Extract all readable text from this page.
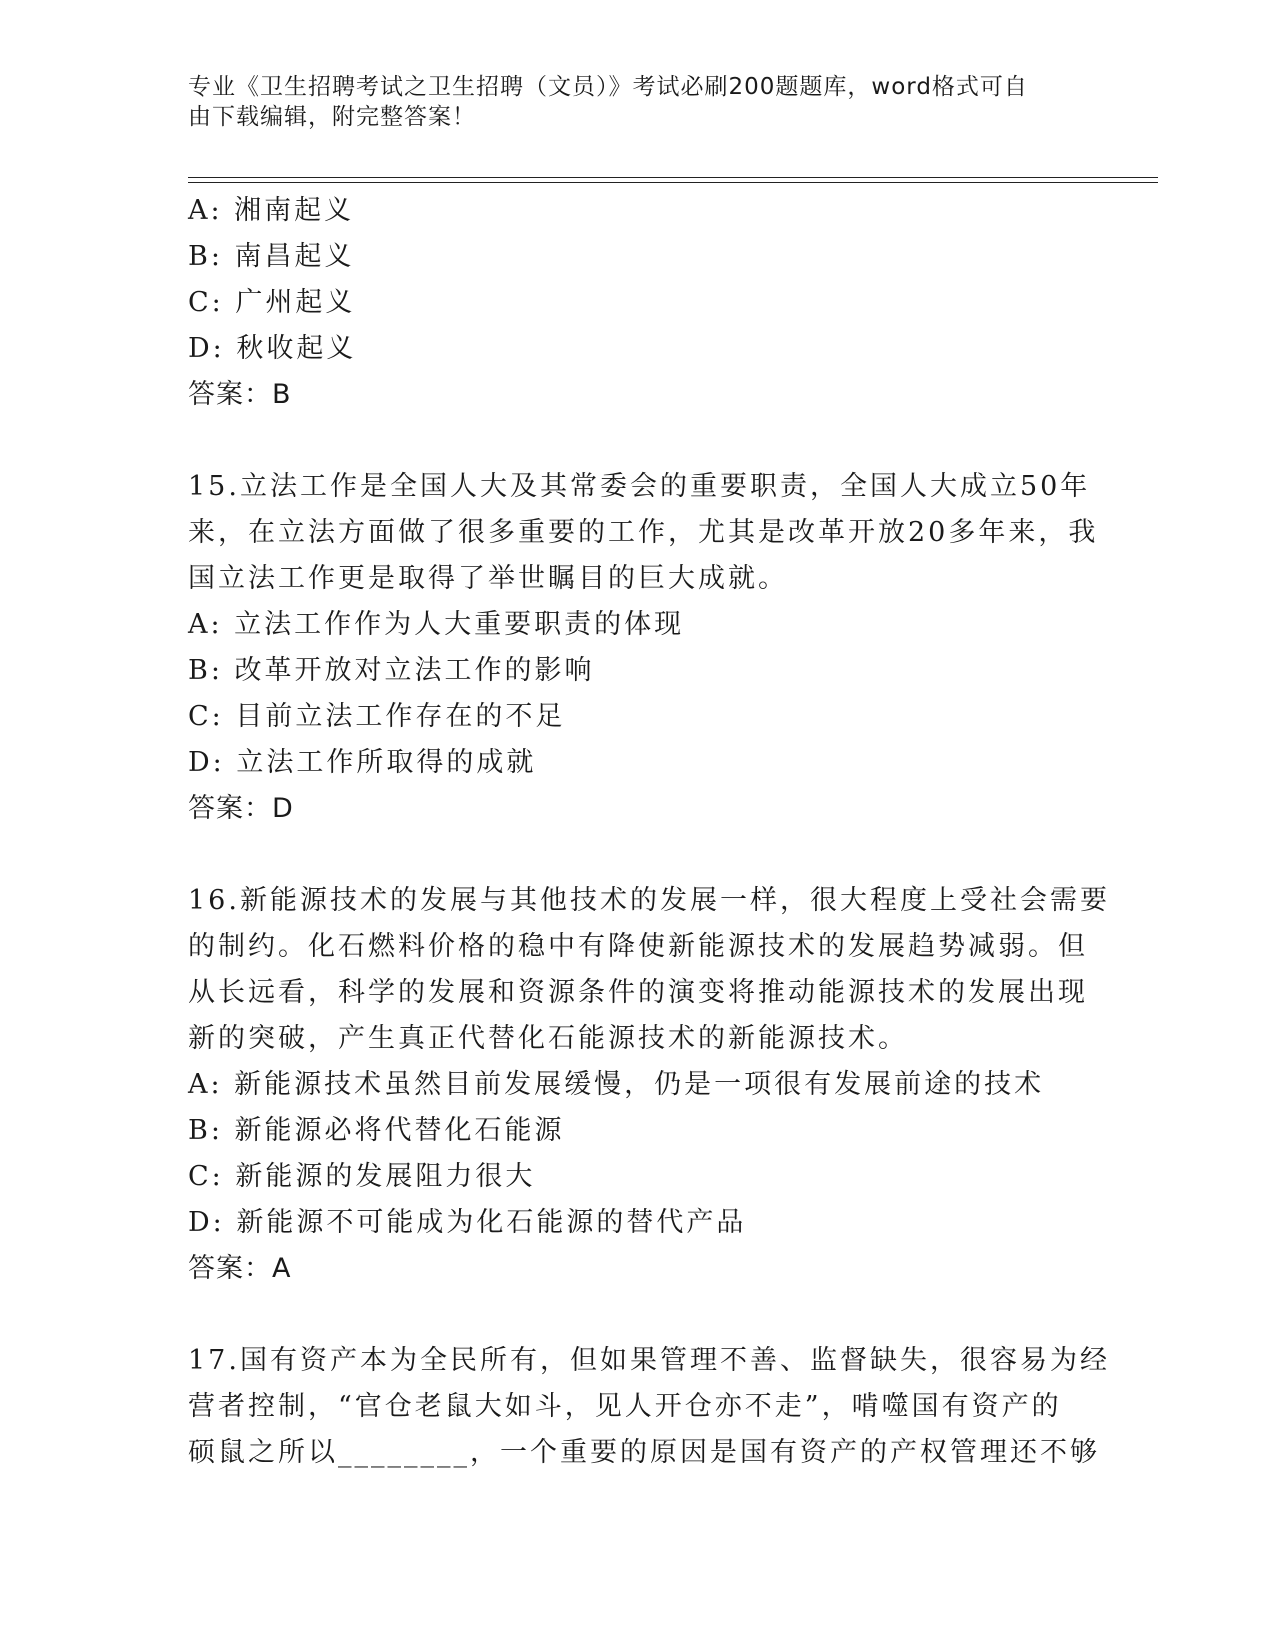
专业《卫生招聘考试之卫生招聘（文员）》考试必刷200题题库，word格式可自
由下载编辑，附完整答案！
A: 湘南起义
B: 南昌起义
C: 广州起义
D: 秋收起义
答案：B
15.立法工作是全国人大及其常委会的重要职责，全国人大成立50年
来，在立法方面做了很多重要的工作，尤其是改革开放20多年来，我
国立法工作更是取得了举世瞩目的巨大成就。
A: 立法工作作为人大重要职责的体现
B: 改革开放对立法工作的影响
C: 目前立法工作存在的不足
D: 立法工作所取得的成就
答案：D
16.新能源技术的发展与其他技术的发展一样，很大程度上受社会需要
的制约。化石燃料价格的稳中有降使新能源技术的发展趋势减弱。但
从长远看，科学的发展和资源条件的演变将推动能源技术的发展出现
新的突破，产生真正代替化石能源技术的新能源技术。
A: 新能源技术虽然目前发展缓慢，仍是一项很有发展前途的技术
B: 新能源必将代替化石能源
C: 新能源的发展阻力很大
D: 新能源不可能成为化石能源的替代产品
答案：A
17.国有资产本为全民所有，但如果管理不善、监督缺失，很容易为经
营者控制，“官仓老鼠大如斗，见人开仓亦不走”，啃噬国有资产的
硕鼠之所以________，一个重要的原因是国有资产的产权管理还不够
